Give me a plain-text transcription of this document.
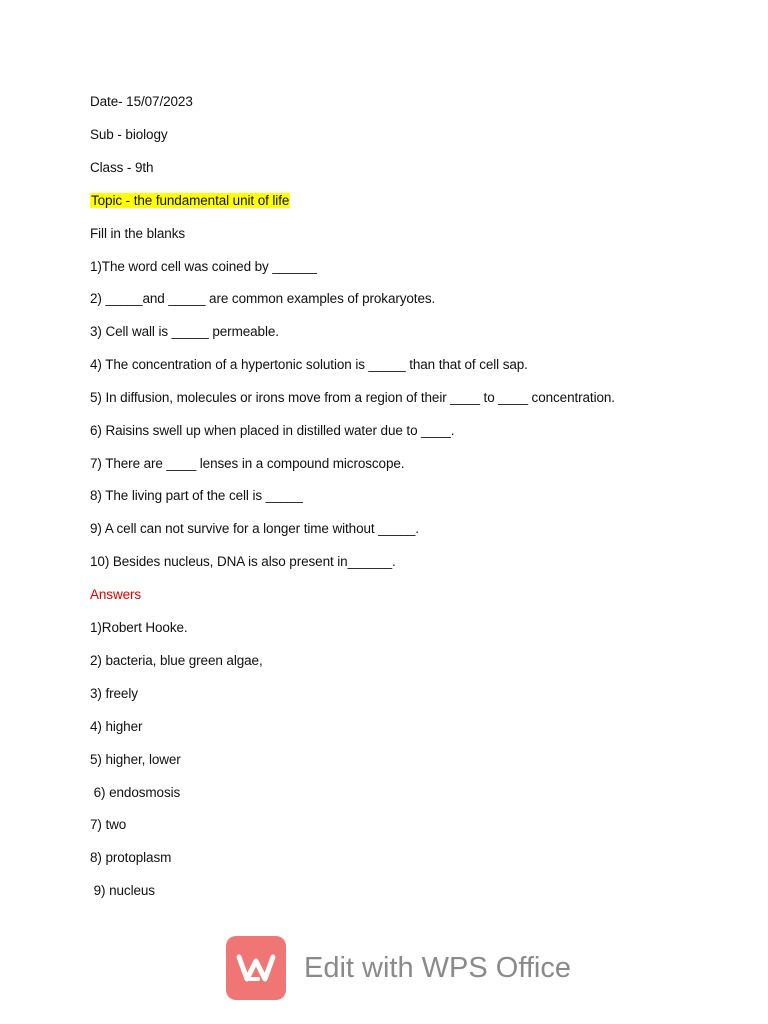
Date- 15/07/2023
Sub - biology
Class - 9th
Topic - the fundamental unit of life
Fill in the blanks
1)The word cell was coined by ______
2) _____and _____ are common examples of prokaryotes.
3) Cell wall is _____ permeable.
4) The concentration of a hypertonic solution is _____ than that of cell sap.
5) In diffusion, molecules or irons move from a region of their ____ to ____ concentration.
6) Raisins swell up when placed in distilled water due to ____.
7) There are ____ lenses in a compound microscope.
8) The living part of the cell is _____
9) A cell can not survive for a longer time without _____.
10) Besides nucleus, DNA is also present in______.
Answers
1)Robert Hooke.
2) bacteria, blue green algae,
3) freely
4) higher
5) higher, lower
6) endosmosis
7) two
8) protoplasm
9) nucleus
Edit with WPS Office
